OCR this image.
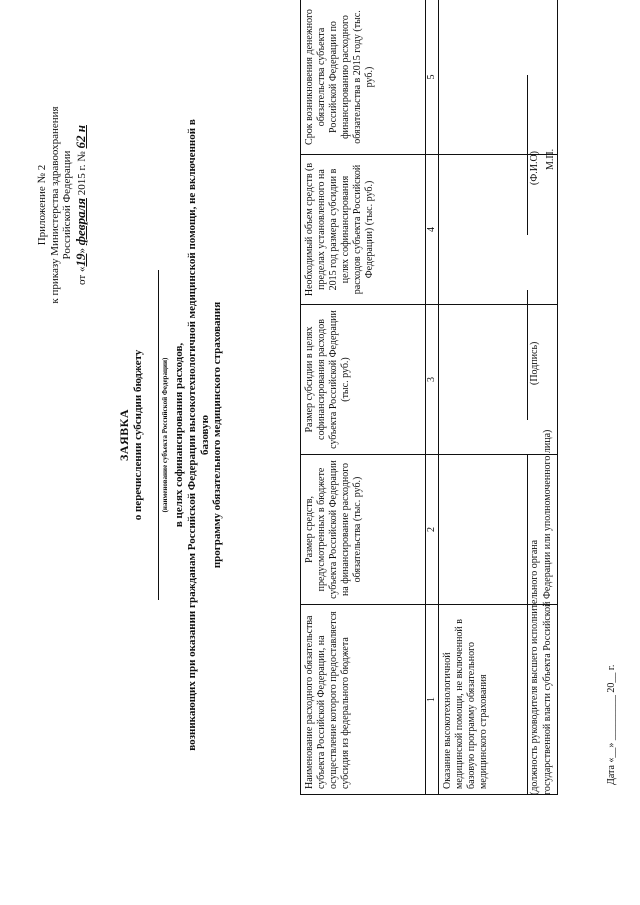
Приложение № 2 к приказу Министерства здравоохранения Российской Федерации
от «19» февраля 2015 г. № 62 н
ЗАЯВКА о перечислении субсидии бюджету	(наименование субъекта Российской Федерации) в целях софинансирования расходов, возникающих при оказании гражданам Российской Федерации высокотехнологичной медицинской помощи, не включенной в базовую программу обязательного медицинского страхования
Наименование расходного обязательства субъекта Российской Федерации, на осуществление которого предоставляется субсидия из федерального бюджета	Размер средств, предусмотренных в бюджете субъекта Российской Федерации на финансирование расходного обязательства (тыс. руб.)	Размер субсидии в целях софинансирования расходов субъекта Российской Федерации (тыс. руб.)	Необходимый объем средств (в пределах установленного на 2015 год размера субсидии в целях софинансирования расходов субъекта Российской Федерации) (тыс. руб.)	Срок возникновения денежного обязательства субъекта Российской Федерации по финансированию расходного обязательства в 2015 году (тыс. руб.)
1	2	3	4	5
Оказание высокотехнологичной медицинской помощи, не включенной в базовую программу обязательного медицинского страхования					(должность руководителя высшего исполнительного органа государственной власти субъекта Российской Федерации или уполномоченного лица)
(Подпись)
(Ф.И.О) М.П.
Дата «__» _________ 20__ г.
